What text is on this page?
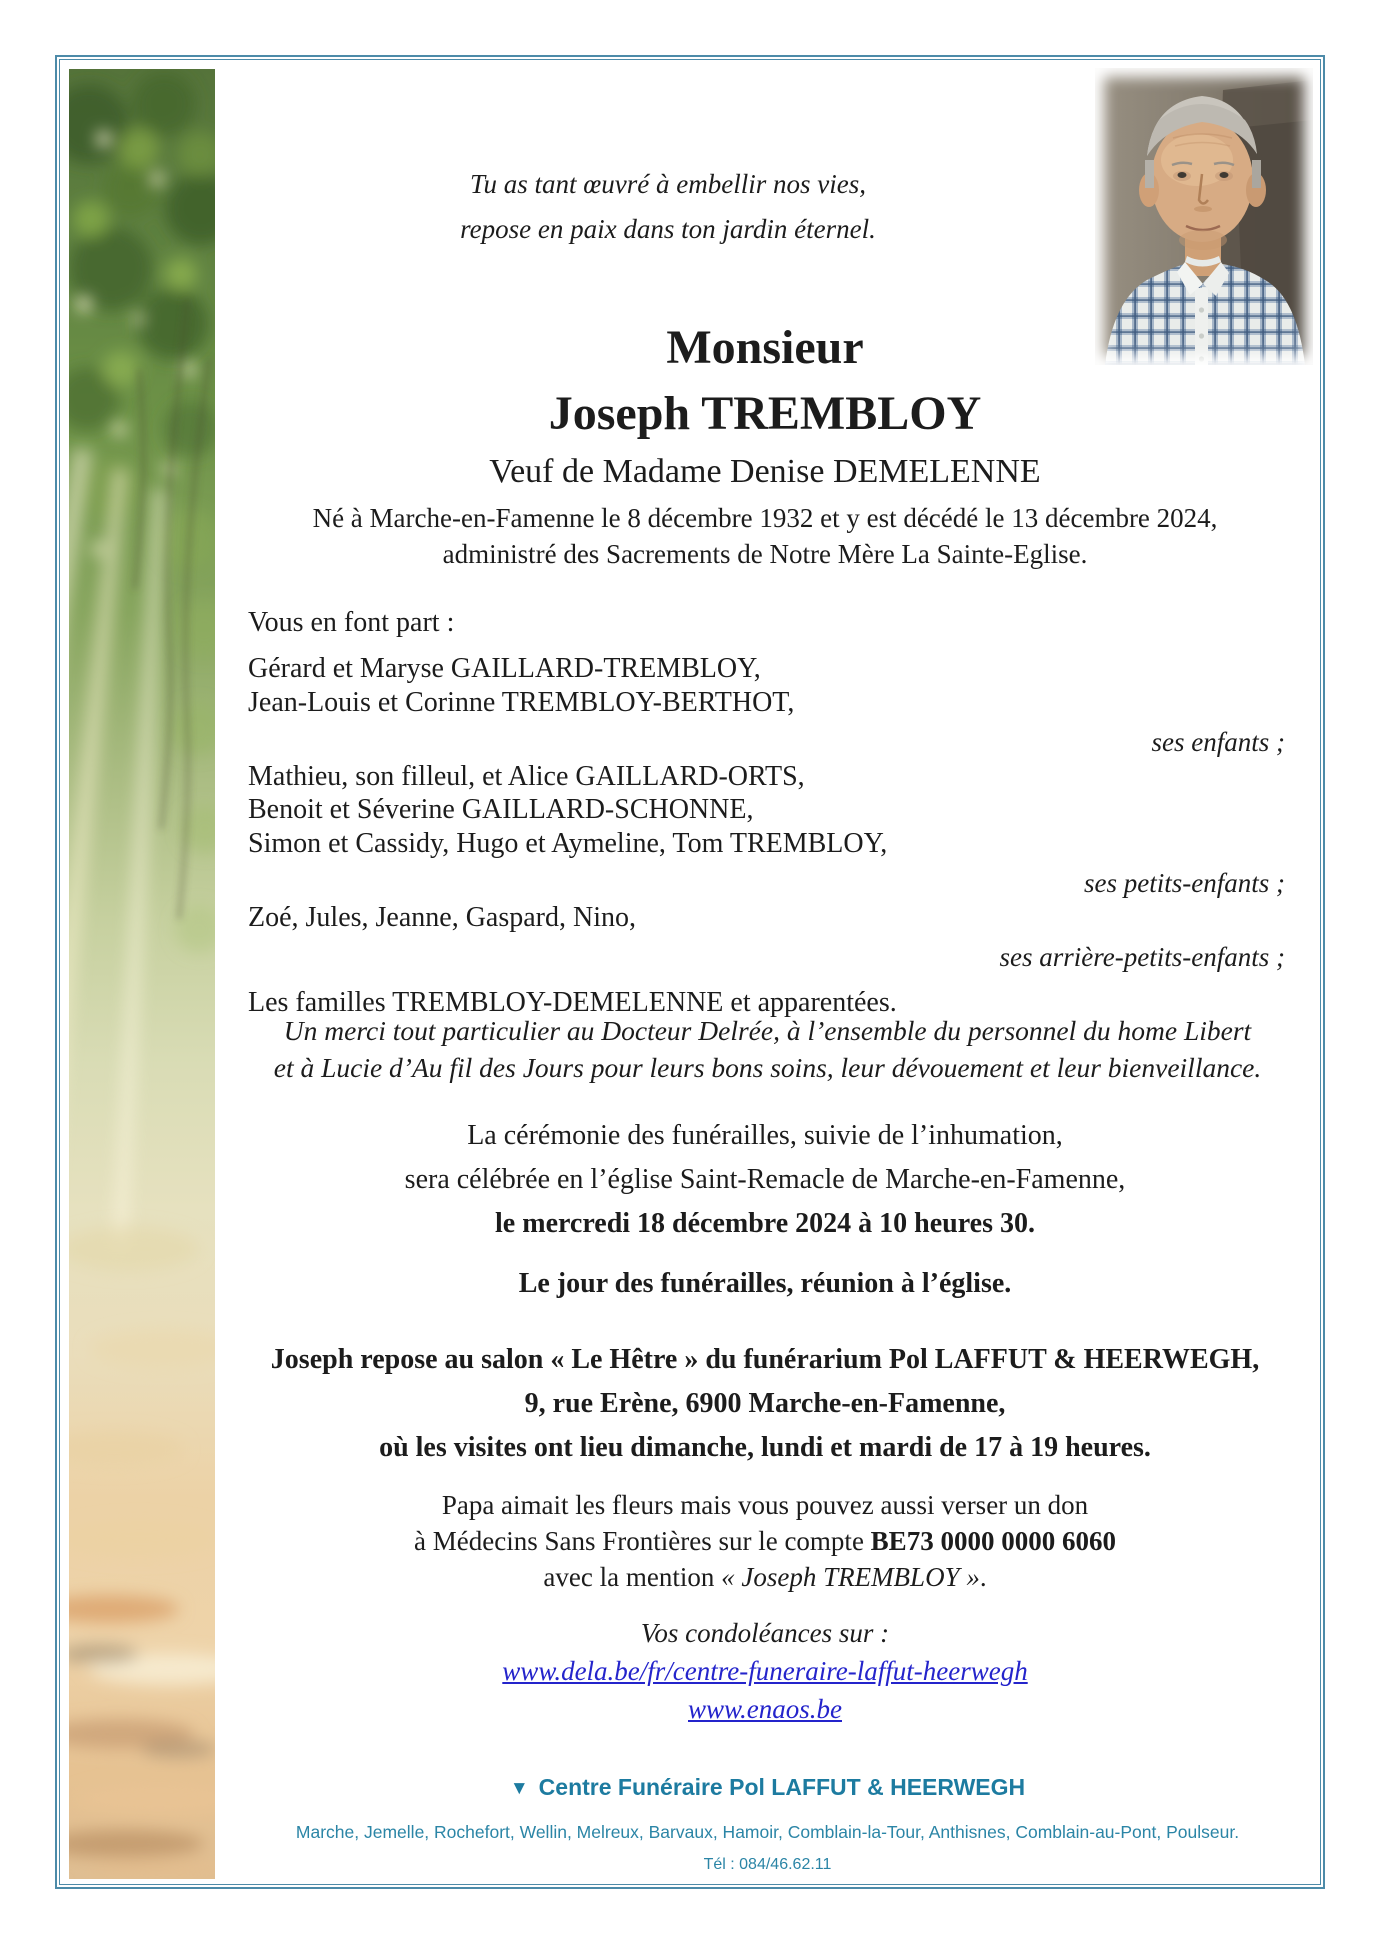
Tu as tant œuvré à embellir nos vies,
repose en paix dans ton jardin éternel.
Monsieur
Joseph TREMBLOY
Veuf de Madame Denise DEMELENNE
Né à Marche-en-Famenne le 8 décembre 1932 et y est décédé le 13 décembre 2024,
administré des Sacrements de Notre Mère La Sainte-Eglise.
Vous en font part :
Gérard et Maryse GAILLARD-TREMBLOY,
Jean-Louis et Corinne TREMBLOY-BERTHOT,
ses enfants ;
Mathieu, son filleul, et Alice GAILLARD-ORTS,
Benoit et Séverine GAILLARD-SCHONNE,
Simon et Cassidy, Hugo et Aymeline, Tom TREMBLOY,
ses petits-enfants ;
Zoé, Jules, Jeanne, Gaspard, Nino,
ses arrière-petits-enfants ;
Les familles TREMBLOY-DEMELENNE et apparentées.
Un merci tout particulier au Docteur Delrée, à l’ensemble du personnel du home Libert
et à Lucie d’Au fil des Jours pour leurs bons soins, leur dévouement et leur bienveillance.
La cérémonie des funérailles, suivie de l’inhumation,
sera célébrée en l’église Saint-Remacle de Marche-en-Famenne,
le mercredi 18 décembre 2024 à 10 heures 30.
Le jour des funérailles, réunion à l’église.
Joseph repose au salon « Le Hêtre » du funérarium Pol LAFFUT & HEERWEGH,
9, rue Erène, 6900 Marche-en-Famenne,
où les visites ont lieu dimanche, lundi et mardi de 17 à 19 heures.
Papa aimait les fleurs mais vous pouvez aussi verser un don
à Médecins Sans Frontières sur le compte BE73 0000 0000 6060
avec la mention « Joseph TREMBLOY ».
Vos condoléances sur :
www.dela.be/fr/centre-funeraire-laffut-heerwegh
www.enaos.be
▼ Centre Funéraire Pol LAFFUT & HEERWEGH
Marche, Jemelle, Rochefort, Wellin, Melreux, Barvaux, Hamoir, Comblain-la-Tour, Anthisnes, Comblain-au-Pont, Poulseur.
Tél : 084/46.62.11
